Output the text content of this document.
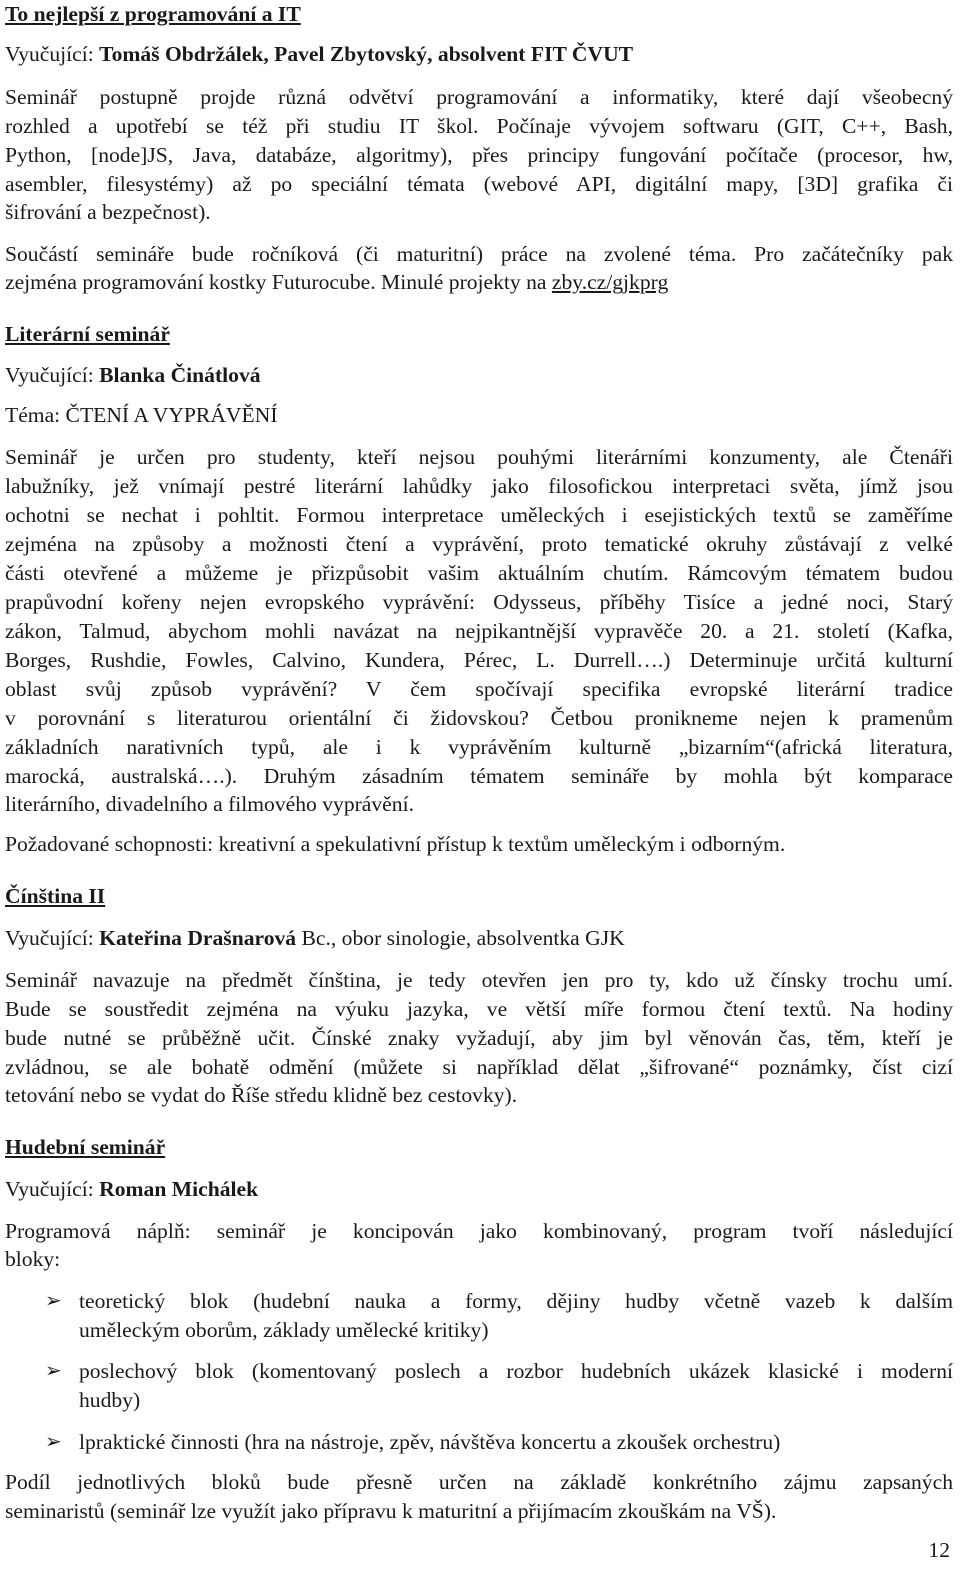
To nejlepší z programování a IT
Vyučující: Tomáš Obdržálek, Pavel Zbytovský, absolvent FIT ČVUT
Seminář postupně projde různá odvětví programování a informatiky, které dají všeobecný
rozhled a upotřebí se též při studiu IT škol. Počínaje vývojem softwaru (GIT, C++, Bash,
Python, [node]JS, Java, databáze, algoritmy), přes principy fungování počítače (procesor, hw,
asembler, filesystémy) až po speciální témata (webové API, digitální mapy, [3D] grafika či
šifrování a bezpečnost).
Součástí semináře bude ročníková (či maturitní) práce na zvolené téma. Pro začátečníky pak
zejména programování kostky Futurocube. Minulé projekty na zby.cz/gjkprg
Literární seminář
Vyučující: Blanka Činátlová
Téma: ČTENÍ A VYPRÁVĚNÍ
Seminář je určen pro studenty, kteří nejsou pouhými literárními konzumenty, ale Čtenáři
labužníky, jež vnímají pestré literární lahůdky jako filosofickou interpretaci světa, jímž jsou
ochotni se nechat i pohltit. Formou interpretace uměleckých i esejistických textů se zaměříme
zejména na způsoby a možnosti čtení a vyprávění, proto tematické okruhy zůstávají z velké
části otevřené a můžeme je přizpůsobit vašim aktuálním chutím. Rámcovým tématem budou
prapůvodní kořeny nejen evropského vyprávění: Odysseus, příběhy Tisíce a jedné noci, Starý
zákon, Talmud, abychom mohli navázat na nejpikantnější vypravěče 20. a 21. století (Kafka,
Borges, Rushdie, Fowles, Calvino, Kundera, Pérec, L. Durrell….) Determinuje určitá kulturní
oblast svůj způsob vyprávění? V čem spočívají specifika evropské literární tradice
v porovnání s literaturou orientální či židovskou? Četbou pronikneme nejen k pramenům
základních narativních typů, ale i k vyprávěním kulturně „bizarním“(africká literatura,
marocká, australská….). Druhým zásadním tématem semináře by mohla být komparace
literárního, divadelního a filmového vyprávění.
Požadované schopnosti: kreativní a spekulativní přístup k textům uměleckým i odborným.
Čínština II
Vyučující: Kateřina Drašnarová Bc., obor sinologie, absolventka GJK
Seminář navazuje na předmět čínština, je tedy otevřen jen pro ty, kdo už čínsky trochu umí.
Bude se soustředit zejména na výuku jazyka, ve větší míře formou čtení textů. Na hodiny
bude nutné se průběžně učit. Čínské znaky vyžadují, aby jim byl věnován čas, těm, kteří je
zvládnou, se ale bohatě odmění (můžete si například dělat „šifrované“ poznámky, číst cizí
tetování nebo se vydat do Říše středu klidně bez cestovky).
Hudební seminář
Vyučující: Roman Michálek
Programová náplň: seminář je koncipován jako kombinovaný, program tvoří následující
bloky:
➢ teoretický blok (hudební nauka a formy, dějiny hudby včetně vazeb k dalším
uměleckým oborům, základy umělecké kritiky)
➢ poslechový blok (komentovaný poslech a rozbor hudebních ukázek klasické i moderní
hudby)
➢ lpraktické činnosti (hra na nástroje, zpěv, návštěva koncertu a zkoušek orchestru)
Podíl jednotlivých bloků bude přesně určen na základě konkrétního zájmu zapsaných
seminaristů (seminář lze využít jako přípravu k maturitní a přijímacím zkouškám na VŠ).
12
